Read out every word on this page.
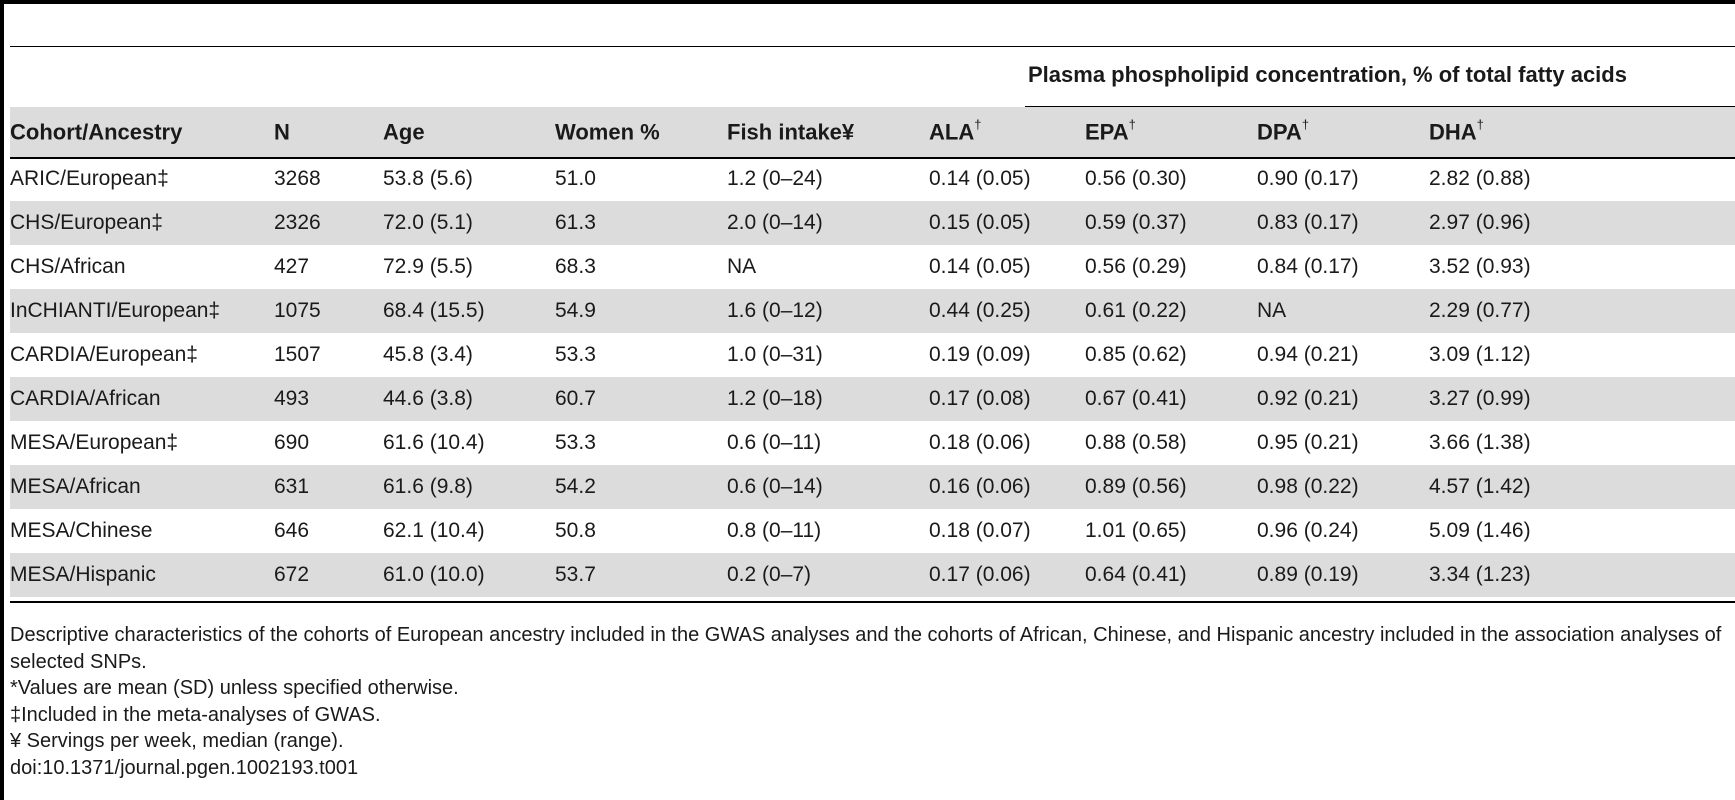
Plasma phospholipid concentration, % of total fatty acids
Cohort/Ancestry	N	Age	Women %	Fish intake¥	ALA†	EPA†	DPA†	DHA†
ARIC/European‡	3268	53.8 (5.6)	51.0	1.2 (0–24)	0.14 (0.05)	0.56 (0.30)	0.90 (0.17)	2.82 (0.88)
CHS/European‡	2326	72.0 (5.1)	61.3	2.0 (0–14)	0.15 (0.05)	0.59 (0.37)	0.83 (0.17)	2.97 (0.96)
CHS/African	427	72.9 (5.5)	68.3	NA	0.14 (0.05)	0.56 (0.29)	0.84 (0.17)	3.52 (0.93)
InCHIANTI/European‡	1075	68.4 (15.5)	54.9	1.6 (0–12)	0.44 (0.25)	0.61 (0.22)	NA	2.29 (0.77)
CARDIA/European‡	1507	45.8 (3.4)	53.3	1.0 (0–31)	0.19 (0.09)	0.85 (0.62)	0.94 (0.21)	3.09 (1.12)
CARDIA/African	493	44.6 (3.8)	60.7	1.2 (0–18)	0.17 (0.08)	0.67 (0.41)	0.92 (0.21)	3.27 (0.99)
MESA/European‡	690	61.6 (10.4)	53.3	0.6 (0–11)	0.18 (0.06)	0.88 (0.58)	0.95 (0.21)	3.66 (1.38)
MESA/African	631	61.6 (9.8)	54.2	0.6 (0–14)	0.16 (0.06)	0.89 (0.56)	0.98 (0.22)	4.57 (1.42)
MESA/Chinese	646	62.1 (10.4)	50.8	0.8 (0–11)	0.18 (0.07)	1.01 (0.65)	0.96 (0.24)	5.09 (1.46)
MESA/Hispanic	672	61.0 (10.0)	53.7	0.2 (0–7)	0.17 (0.06)	0.64 (0.41)	0.89 (0.19)	3.34 (1.23)
Descriptive characteristics of the cohorts of European ancestry included in the GWAS analyses and the cohorts of African, Chinese, and Hispanic ancestry included in the association analyses of selected SNPs.
*Values are mean (SD) unless specified otherwise.
‡Included in the meta-analyses of GWAS.
¥ Servings per week, median (range).
doi:10.1371/journal.pgen.1002193.t001
